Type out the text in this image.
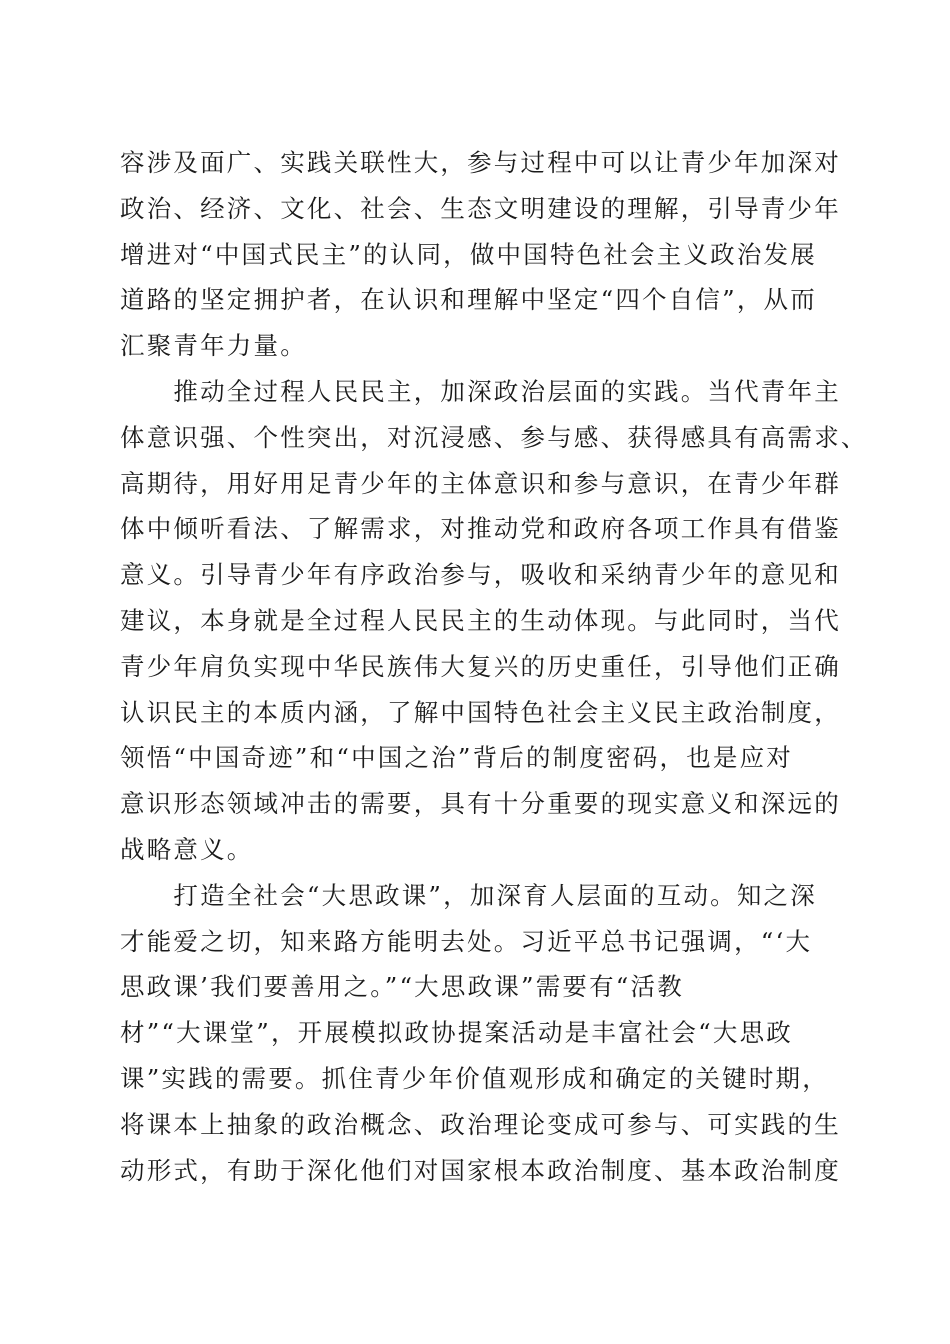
容涉及面广、实践关联性大，参与过程中可以让青少年加深对
政治、经济、文化、社会、生态文明建设的理解，引导青少年
增进对“中国式民主”的认同，做中国特色社会主义政治发展
道路的坚定拥护者，在认识和理解中坚定“四个自信”，从而
汇聚青年力量。
　　推动全过程人民民主，加深政治层面的实践。当代青年主
体意识强、个性突出，对沉浸感、参与感、获得感具有高需求、
高期待，用好用足青少年的主体意识和参与意识，在青少年群
体中倾听看法、了解需求，对推动党和政府各项工作具有借鉴
意义。引导青少年有序政治参与，吸收和采纳青少年的意见和
建议，本身就是全过程人民民主的生动体现。与此同时，当代
青少年肩负实现中华民族伟大复兴的历史重任，引导他们正确
认识民主的本质内涵，了解中国特色社会主义民主政治制度，
领悟“中国奇迹”和“中国之治”背后的制度密码，也是应对
意识形态领域冲击的需要，具有十分重要的现实意义和深远的
战略意义。
　　打造全社会“大思政课”，加深育人层面的互动。知之深
才能爱之切，知来路方能明去处。习近平总书记强调，“‘大
思政课’我们要善用之。”“大思政课”需要有“活教
材”“大课堂”，开展模拟政协提案活动是丰富社会“大思政
课”实践的需要。抓住青少年价值观形成和确定的关键时期，
将课本上抽象的政治概念、政治理论变成可参与、可实践的生
动形式，有助于深化他们对国家根本政治制度、基本政治制度
